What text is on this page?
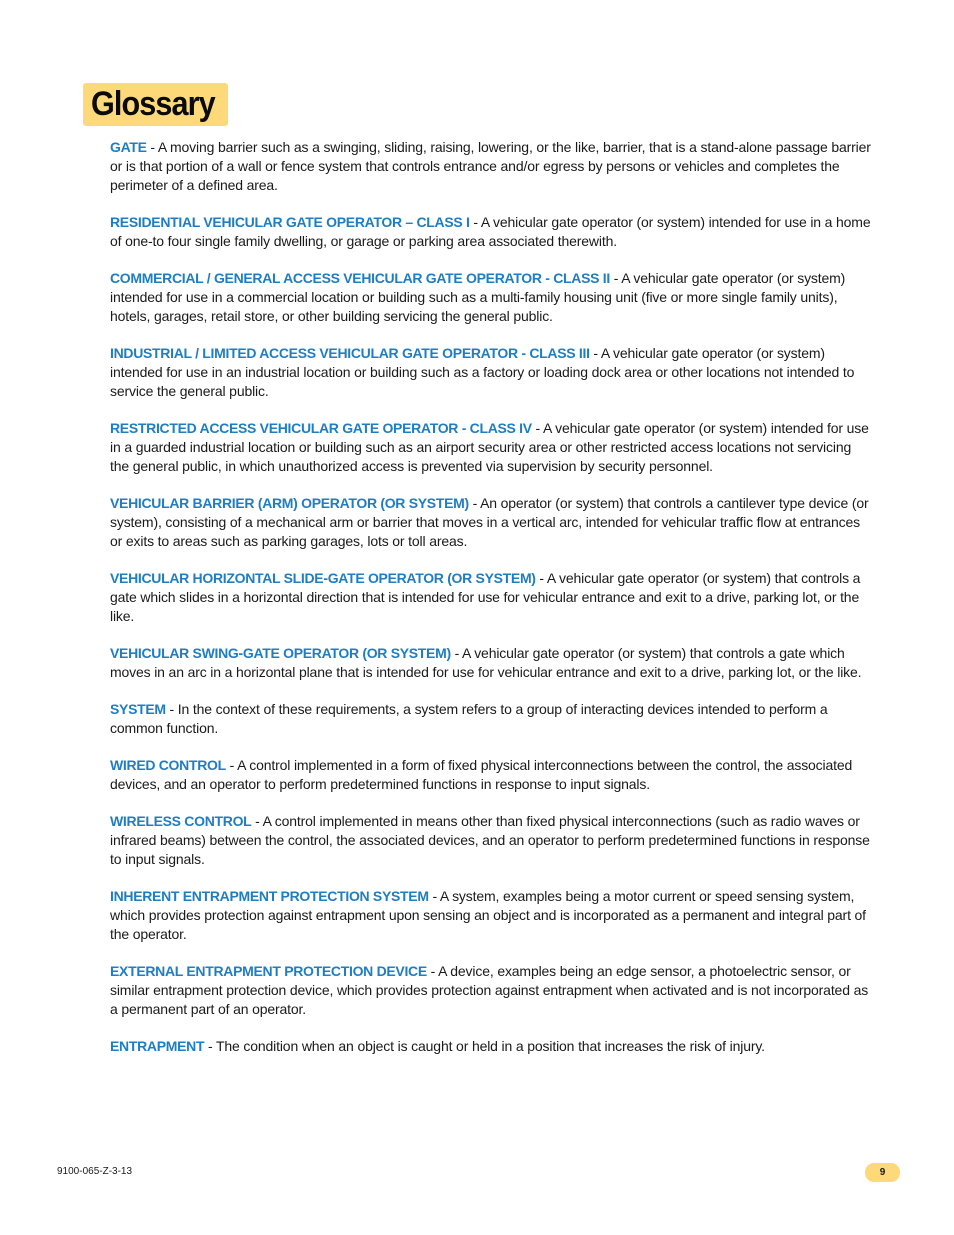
Glossary

GATE - A moving barrier such as a swinging, sliding, raising, lowering, or the like, barrier, that is a stand-alone passage barrier or is that portion of a wall or fence system that controls entrance and/or egress by persons or vehicles and completes the perimeter of a defined area.

RESIDENTIAL VEHICULAR GATE OPERATOR – CLASS I - A vehicular gate operator (or system) intended for use in a home of one-to four single family dwelling, or garage or parking area associated therewith.

COMMERCIAL / GENERAL ACCESS VEHICULAR GATE OPERATOR - CLASS II - A vehicular gate operator (or system) intended for use in a commercial location or building such as a multi-family housing unit (five or more single family units), hotels, garages, retail store, or other building servicing the general public.

INDUSTRIAL / LIMITED ACCESS VEHICULAR GATE OPERATOR - CLASS III - A vehicular gate operator (or system) intended for use in an industrial location or building such as a factory or loading dock area or other locations not intended to service the general public.

RESTRICTED ACCESS VEHICULAR GATE OPERATOR - CLASS IV - A vehicular gate operator (or system) intended for use in a guarded industrial location or building such as an airport security area or other restricted access locations not servicing the general public, in which unauthorized access is prevented via supervision by security personnel.

VEHICULAR BARRIER (ARM) OPERATOR (OR SYSTEM) - An operator (or system) that controls a cantilever type device (or system), consisting of a mechanical arm or barrier that moves in a vertical arc, intended for vehicular traffic flow at entrances or exits to areas such as parking garages, lots or toll areas.

VEHICULAR HORIZONTAL SLIDE-GATE OPERATOR (OR SYSTEM) - A vehicular gate operator (or system) that controls a gate which slides in a horizontal direction that is intended for use for vehicular entrance and exit to a drive, parking lot, or the like.

VEHICULAR SWING-GATE OPERATOR (OR SYSTEM) - A vehicular gate operator (or system) that controls a gate which moves in an arc in a horizontal plane that is intended for use for vehicular entrance and exit to a drive, parking lot, or the like.

SYSTEM - In the context of these requirements, a system refers to a group of interacting devices intended to perform a common function.

WIRED CONTROL - A control implemented in a form of fixed physical interconnections between the control, the associated devices, and an operator to perform predetermined functions in response to input signals.

WIRELESS CONTROL - A control implemented in means other than fixed physical interconnections (such as radio waves or infrared beams) between the control, the associated devices, and an operator to perform predetermined functions in response to input signals.

INHERENT ENTRAPMENT PROTECTION SYSTEM - A system, examples being a motor current or speed sensing system, which provides protection against entrapment upon sensing an object and is incorporated as a permanent and integral part of the operator.

EXTERNAL ENTRAPMENT PROTECTION DEVICE - A device, examples being an edge sensor, a photoelectric sensor, or similar entrapment protection device, which provides protection against entrapment when activated and is not incorporated as a permanent part of an operator.

ENTRAPMENT - The condition when an object is caught or held in a position that increases the risk of injury.

9100-065-Z-3-13	9
